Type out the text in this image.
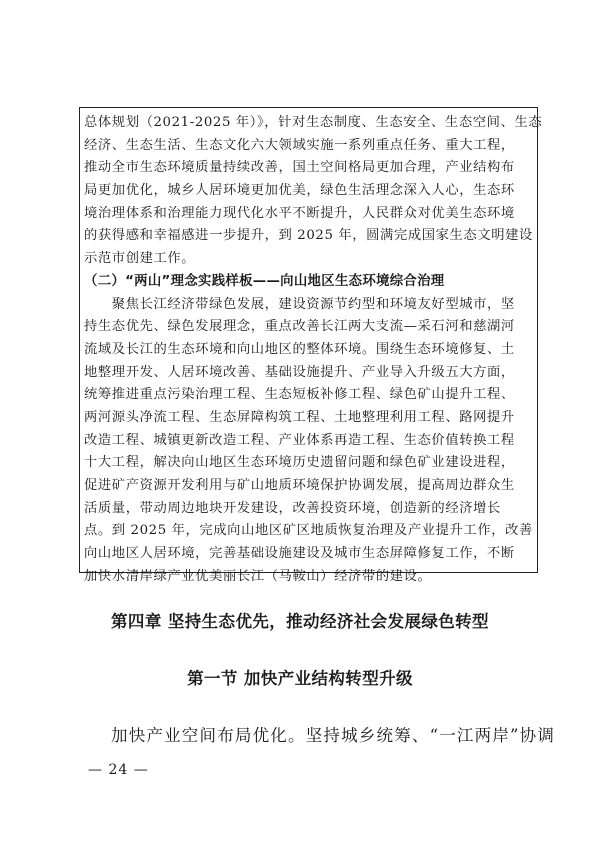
总体规划（2021-2025 年）》，针对生态制度、生态安全、生态空间、生态
经济、生态生活、生态文化六大领域实施一系列重点任务、重大工程，
推动全市生态环境质量持续改善，国土空间格局更加合理，产业结构布
局更加优化，城乡人居环境更加优美，绿色生活理念深入人心，生态环
境治理体系和治理能力现代化水平不断提升，人民群众对优美生态环境
的获得感和幸福感进一步提升，到 2025 年，圆满完成国家生态文明建设
示范市创建工作。
（二）“两山”理念实践样板——向山地区生态环境综合治理
　　聚焦长江经济带绿色发展，建设资源节约型和环境友好型城市，坚
持生态优先、绿色发展理念，重点改善长江两大支流—采石河和慈湖河
流域及长江的生态环境和向山地区的整体环境。围绕生态环境修复、土
地整理开发、人居环境改善、基础设施提升、产业导入升级五大方面，
统筹推进重点污染治理工程、生态短板补修工程、绿色矿山提升工程、
两河源头净流工程、生态屏障构筑工程、土地整理利用工程、路网提升
改造工程、城镇更新改造工程、产业体系再造工程、生态价值转换工程
十大工程，解决向山地区生态环境历史遗留问题和绿色矿业建设进程，
促进矿产资源开发利用与矿山地质环境保护协调发展，提高周边群众生
活质量，带动周边地块开发建设，改善投资环境，创造新的经济增长
点。到 2025 年，完成向山地区矿区地质恢复治理及产业提升工作，改善
向山地区人居环境，完善基础设施建设及城市生态屏障修复工作，不断
加快水清岸绿产业优美丽长江（马鞍山）经济带的建设。
第四章 坚持生态优先，推动经济社会发展绿色转型
第一节 加快产业结构转型升级
加快产业空间布局优化。坚持城乡统筹、“一江两岸”协调
— 24 —
